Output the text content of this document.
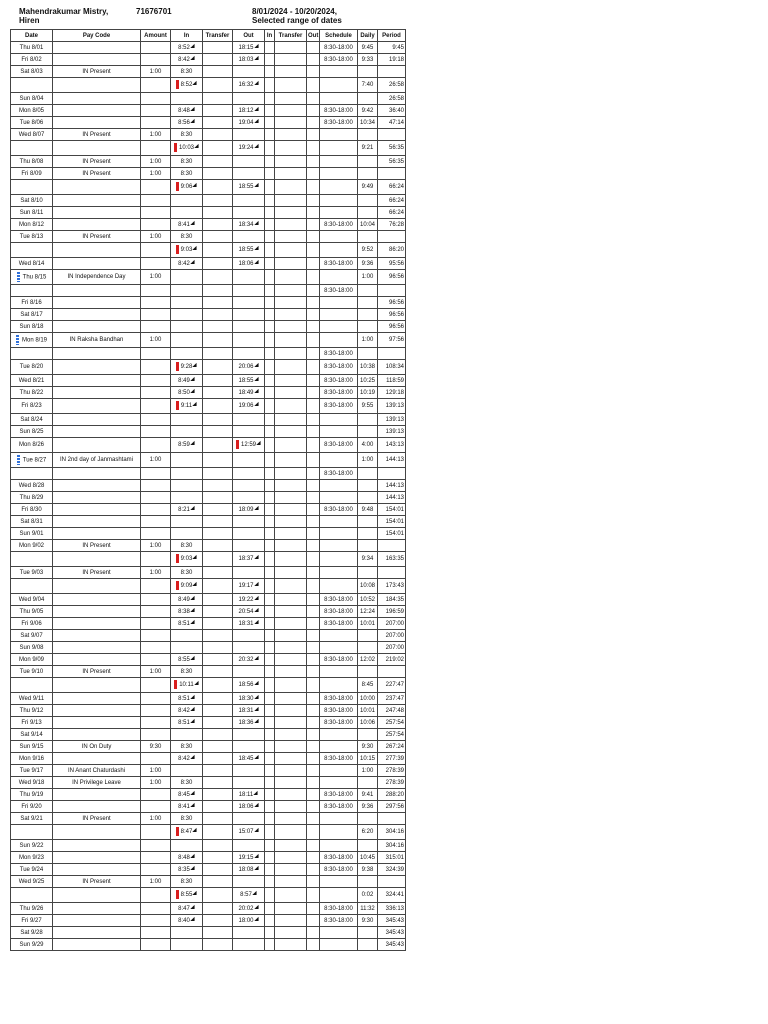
Mahendrakumar Mistry, Hiren
71676701	8/01/2024 - 10/20/2024, Selected range of dates
Date	Pay Code	Amount	In	Transfer	Out	In	Transfer	Out	Schedule	Daily	Period
Thu 8/01			8:52		18:15				8:30-18:00	9:45	9:45
Fri 8/02			8:42		18:03				8:30-18:00	9:33	19:18
Sat 8/03	IN Present	1:00	8:30								
			8:52		16:32					7:40	26:58
Sun 8/04											26:58
Mon 8/05			8:48		18:12				8:30-18:00	9:42	36:40
Tue 8/06			8:56		19:04				8:30-18:00	10:34	47:14
Wed 8/07	IN Present	1:00	8:30								
			10:03		19:24					9:21	56:35
Thu 8/08	IN Present	1:00	8:30								56:35
Fri 8/09	IN Present	1:00	8:30								
			9:06		18:55					9:49	66:24
Sat 8/10											66:24
Sun 8/11											66:24
Mon 8/12			8:41		18:34				8:30-18:00	10:04	76:28
Tue 8/13	IN Present	1:00	8:30								
			9:03		18:55					9:52	86:20
Wed 8/14			8:42		18:06				8:30-18:00	9:36	95:56
Thu 8/15	IN Independence Day	1:00								1:00	96:56
									8:30-18:00		
Fri 8/16											96:56
Sat 8/17											96:56
Sun 8/18											96:56
Mon 8/19	IN Raksha Bandhan	1:00								1:00	97:56
									8:30-18:00		
Tue 8/20			9:28		20:06				8:30-18:00	10:38	108:34
Wed 8/21			8:49		18:55				8:30-18:00	10:25	118:59
Thu 8/22			8:50		18:49				8:30-18:00	10:19	129:18
Fri 8/23			9:11		19:06				8:30-18:00	9:55	139:13
Sat 8/24											139:13
Sun 8/25											139:13
Mon 8/26			8:59		12:59				8:30-18:00	4:00	143:13
Tue 8/27	IN 2nd day of Janmashtami	1:00								1:00	144:13
									8:30-18:00		
Wed 8/28											144:13
Thu 8/29											144:13
Fri 8/30			8:21		18:09				8:30-18:00	9:48	154:01
Sat 8/31											154:01
Sun 9/01											154:01
Mon 9/02	IN Present	1:00	8:30								
			9:03		18:37					9:34	163:35
Tue 9/03	IN Present	1:00	8:30								
			9:09		19:17					10:08	173:43
Wed 9/04			8:49		19:22				8:30-18:00	10:52	184:35
Thu 9/05			8:38		20:54				8:30-18:00	12:24	196:59
Fri 9/06			8:51		18:31				8:30-18:00	10:01	207:00
Sat 9/07											207:00
Sun 9/08											207:00
Mon 9/09			8:55		20:32				8:30-18:00	12:02	219:02
Tue 9/10	IN Present	1:00	8:30								
			10:11		18:56					8:45	227:47
Wed 9/11			8:51		18:30				8:30-18:00	10:00	237:47
Thu 9/12			8:42		18:31				8:30-18:00	10:01	247:48
Fri 9/13			8:51		18:36				8:30-18:00	10:06	257:54
Sat 9/14											257:54
Sun 9/15	IN On Duty	9:30	8:30							9:30	267:24
Mon 9/16			8:42		18:45				8:30-18:00	10:15	277:39
Tue 9/17	IN Anant Chaturdashi	1:00								1:00	278:39
Wed 9/18	IN Privilege Leave	1:00	8:30								278:39
Thu 9/19			8:45		18:11				8:30-18:00	9:41	288:20
Fri 9/20			8:41		18:06				8:30-18:00	9:36	297:56
Sat 9/21	IN Present	1:00	8:30								
			8:47		15:07					6:20	304:16
Sun 9/22											304:16
Mon 9/23			8:48		19:15				8:30-18:00	10:45	315:01
Tue 9/24			8:35		18:08				8:30-18:00	9:38	324:39
Wed 9/25	IN Present	1:00	8:30								
			8:55		8:57					0:02	324:41
Thu 9/26			8:47		20:02				8:30-18:00	11:32	336:13
Fri 9/27			8:40		18:00				8:30-18:00	9:30	345:43
Sat 9/28											345:43
Sun 9/29											345:43
